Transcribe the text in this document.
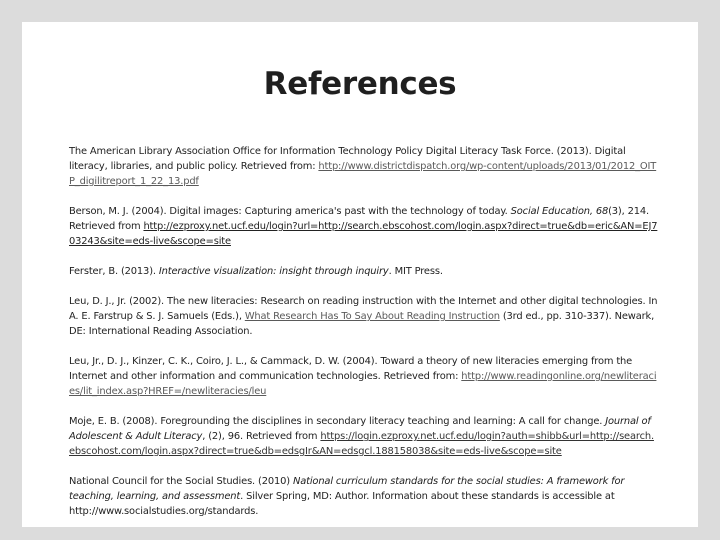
References

The American Library Association Office for Information Technology Policy Digital Literacy Task Force. (2013). Digital literacy, libraries, and public policy. Retrieved from: http://www.districtdispatch.org/wp-content/uploads/2013/01/2012_OITP_digilitreport_1_22_13.pdf

Berson, M. J. (2004). Digital images: Capturing america's past with the technology of today. Social Education, 68(3), 214. Retrieved from http://ezproxy.net.ucf.edu/login?url=http://search.ebscohost.com/login.aspx?direct=true&db=eric&AN=EJ703243&site=eds-live&scope=site

Ferster, B. (2013). Interactive visualization: insight through inquiry. MIT Press.

Leu, D. J., Jr. (2002). The new literacies: Research on reading instruction with the Internet and other digital technologies. In A. E. Farstrup & S. J. Samuels (Eds.), What Research Has To Say About Reading Instruction (3rd ed., pp. 310-337). Newark, DE: International Reading Association.

Leu, Jr., D. J., Kinzer, C. K., Coiro, J. L., & Cammack, D. W. (2004). Toward a theory of new literacies emerging from the Internet and other information and communication technologies. Retrieved from: http://www.readingonline.org/newliteracies/lit_index.asp?HREF=/newliteracies/leu

Moje, E. B. (2008). Foregrounding the disciplines in secondary literacy teaching and learning: A call for change. Journal of Adolescent & Adult Literacy, (2), 96. Retrieved from https://login.ezproxy.net.ucf.edu/login?auth=shibb&url=http://search.ebscohost.com/login.aspx?direct=true&db=edsgIr&AN=edsgcl.188158038&site=eds-live&scope=site

National Council for the Social Studies. (2010) National curriculum standards for the social studies: A framework for teaching, learning, and assessment. Silver Spring, MD: Author. Information about these standards is accessible at http://www.socialstudies.org/standards.
